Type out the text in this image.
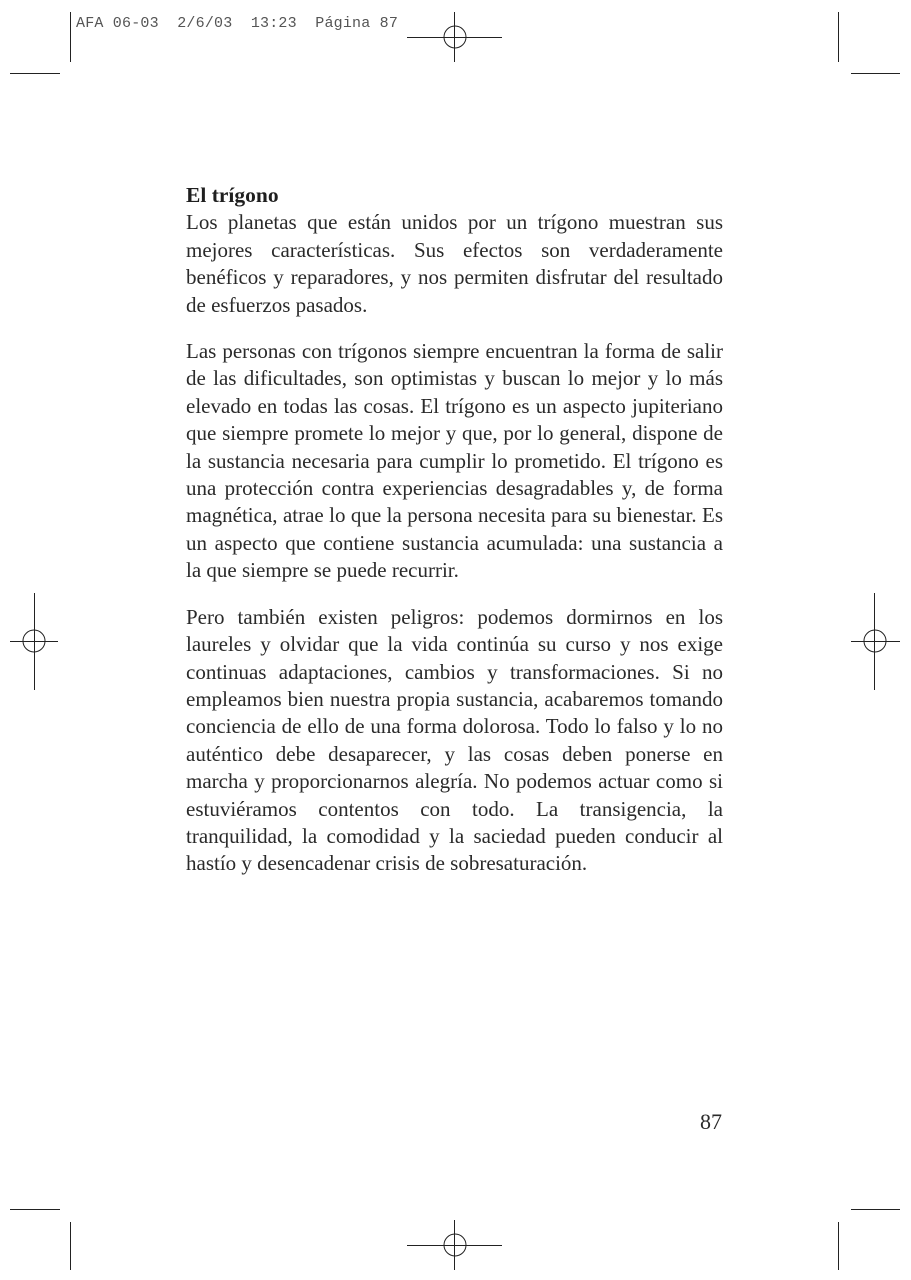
AFA 06-03  2/6/03  13:23  Página 87
El trígono

Los planetas que están unidos por un trígono muestran sus mejores características. Sus efectos son verdaderamente benéficos y reparadores, y nos permiten disfrutar del resultado de esfuerzos pasados.

Las personas con trígonos siempre encuentran la forma de salir de las dificultades, son optimistas y buscan lo mejor y lo más elevado en todas las cosas. El trígono es un aspecto jupiteriano que siempre promete lo mejor y que, por lo general, dispone de la sustancia necesaria para cumplir lo prometido. El trígono es una protección contra experiencias desagradables y, de forma magnética, atrae lo que la persona necesita para su bienestar. Es un aspecto que contiene sustancia acumulada: una sustancia a la que siempre se puede recurrir.

Pero también existen peligros: podemos dormirnos en los laureles y olvidar que la vida continúa su curso y nos exige continuas adaptaciones, cambios y transformaciones. Si no empleamos bien nuestra propia sustancia, acabaremos tomando conciencia de ello de una forma dolorosa. Todo lo falso y lo no auténtico debe desaparecer, y las cosas deben ponerse en marcha y proporcionarnos alegría. No podemos actuar como si estuviéramos contentos con todo. La transigencia, la tranquilidad, la comodidad y la saciedad pueden conducir al hastío y desencadenar crisis de sobresaturación.

87
